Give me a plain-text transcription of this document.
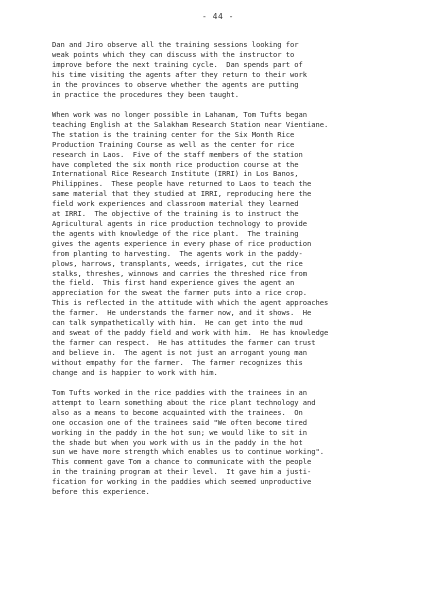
- 44 -
Dan and Jiro observe all the training sessions looking for
weak points which they can discuss with the instructor to
improve before the next training cycle.  Dan spends part of
his time visiting the agents after they return to their work
in the provinces to observe whether the agents are putting
in practice the procedures they been taught.
When work was no longer possible in Lahanam, Tom Tufts began
teaching English at the Salakham Research Station near Vientiane.
The station is the training center for the Six Month Rice
Production Training Course as well as the center for rice
research in Laos.  Five of the staff members of the station
have completed the six month rice production course at the
International Rice Research Institute (IRRI) in Los Banos,
Philippines.  These people have returned to Laos to teach the
same material that they studied at IRRI, reproducing here the
field work experiences and classroom material they learned
at IRRI.  The objective of the training is to instruct the
Agricultural agents in rice production technology to provide
the agents with knowledge of the rice plant.  The training
gives the agents experience in every phase of rice production
from planting to harvesting.  The agents work in the paddy-
plows, harrows, transplants, weeds, irrigates, cut the rice
stalks, threshes, winnows and carries the threshed rice from
the field.  This first hand experience gives the agent an
appreciation for the sweat the farmer puts into a rice crop.
This is reflected in the attitude with which the agent approaches
the farmer.  He understands the farmer now, and it shows.  He
can talk sympathetically with him.  He can get into the mud
and sweat of the paddy field and work with him.  He has knowledge
the farmer can respect.  He has attitudes the farmer can trust
and believe in.  The agent is not just an arrogant young man
without empathy for the farmer.  The farmer recognizes this
change and is happier to work with him.
Tom Tufts worked in the rice paddies with the trainees in an
attempt to learn something about the rice plant technology and
also as a means to become acquainted with the trainees.  On
one occasion one of the trainees said "We often become tired
working in the paddy in the hot sun; we would like to sit in
the shade but when you work with us in the paddy in the hot
sun we have more strength which enables us to continue working".
This comment gave Tom a chance to communicate with the people
in the training program at their level.  It gave him a justi-
fication for working in the paddies which seemed unproductive
before this experience.
